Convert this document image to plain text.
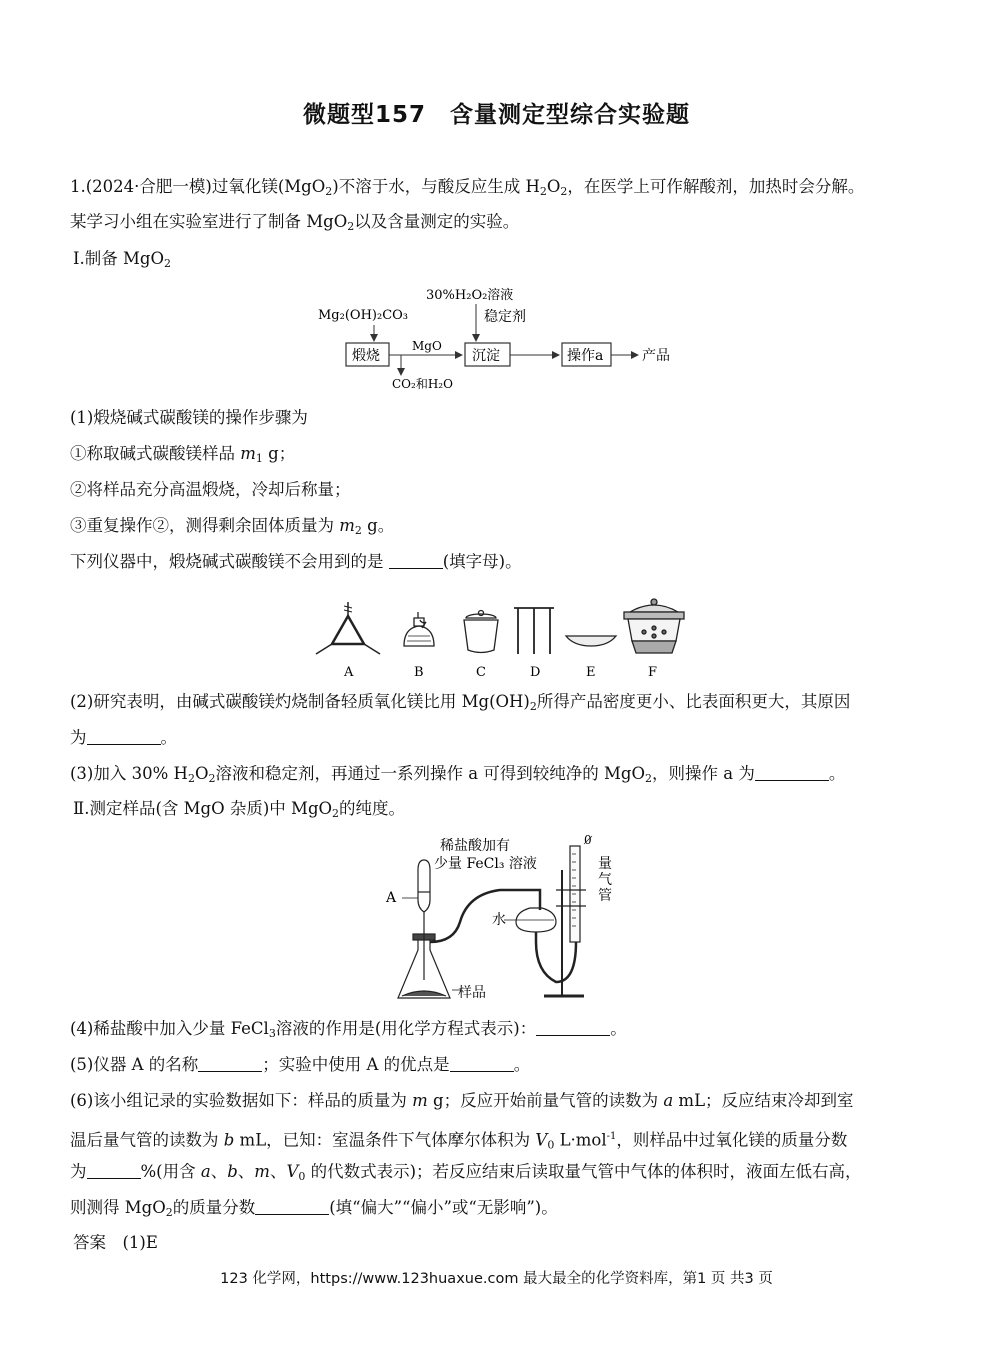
微题型157　含量测定型综合实验题
1.(2024·合肥一模)过氧化镁(MgO$_2$)不溶于水，与酸反应生成 $H_2O_2$，在医学上可作解酸剂，加热时会分解。
某学习小组在实验室进行了制备 MgO$_2$以及含量测定的实验。
Ⅰ.制备 MgO$_2$
30%H₂O₂溶液
稳定剂
Mg₂(OH)₂CO₃
煅烧
MgO
CO₂和H₂O
沉淀	操作a	产品
(1)煅烧碱式碳酸镁的操作步骤为
①称取碱式碳酸镁样品 $m_1$ g；
②将样品充分高温煅烧，冷却后称量；
③重复操作②，测得剩余固体质量为 $m_2$ g。
下列仪器中，煅烧碱式碳酸镁不会用到的是	(填字母)。
A	B	C	D	E	F
(2)研究表明，由碱式碳酸镁灼烧制备轻质氧化镁比用 $Mg(OH)_2$所得产品密度更小、比表面积更大，其原因
为	。
(3)加入 30% $H_2O_2$溶液和稳定剂，再通过一系列操作 a 可得到较纯净的 MgO$_2$，则操作 a 为	。
Ⅱ.测定样品(含 MgO 杂质)中 MgO$_2$的纯度。
稀盐酸加有
少量 FeCl₃ 溶液
0
量
气
管
A
水
样品
(4)稀盐酸中加入少量 FeCl$_3$溶液的作用是(用化学方程式表示)：	。
(5)仪器 A 的名称	；实验中使用 A 的优点是	。
(6)该小组记录的实验数据如下：样品的质量为 m g；反应开始前量气管的读数为 a mL；反应结束冷却到室
温后量气管的读数为 b mL，已知：室温条件下气体摩尔体积为 $V_0$ L·mol$^{-1}$，则样品中过氧化镁的质量分数
为	%(用含 a、b、m、$V_0$ 的代数式表示)；若反应结束后读取量气管中气体的体积时，液面左低右高，
则测得 MgO$_2$的质量分数	(填“偏大”“偏小”或“无影响”)。
答案　(1)E
123 化学网，https://www.123huaxue.com 最大最全的化学资料库，第1 页 共3 页
